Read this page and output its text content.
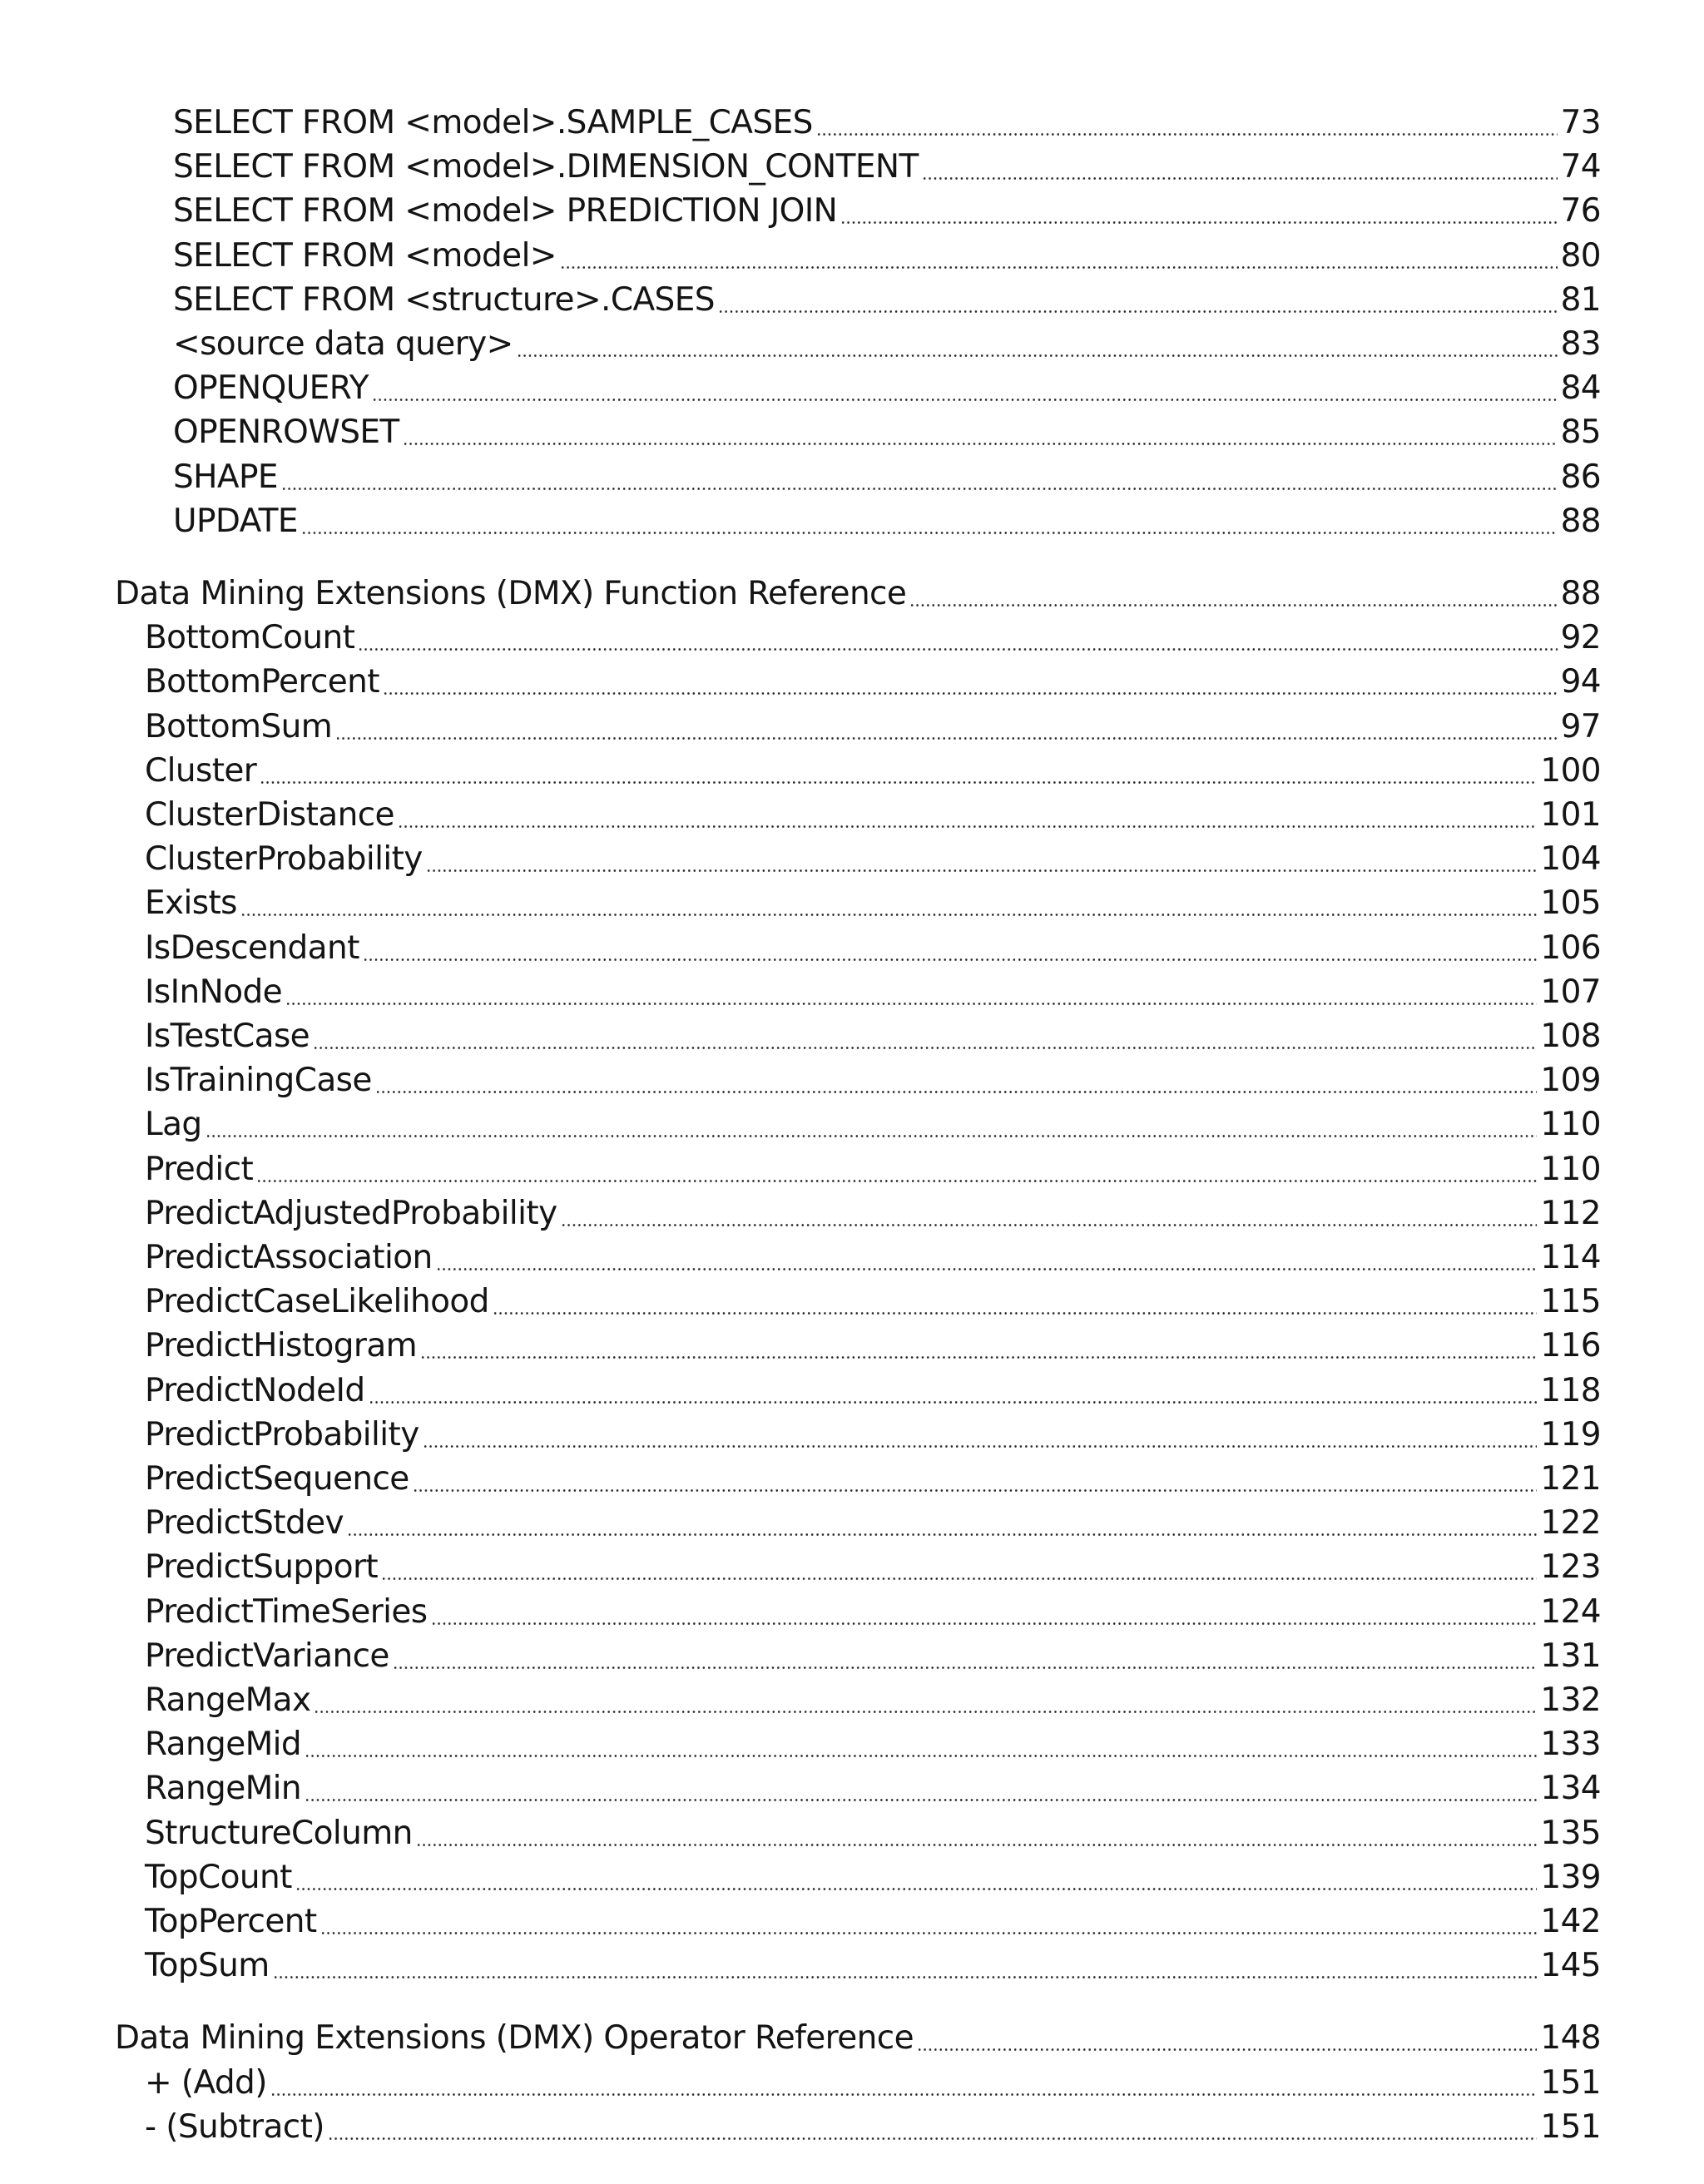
SELECT FROM <model>.SAMPLE_CASES	73
SELECT FROM <model>.DIMENSION_CONTENT	74
SELECT FROM <model> PREDICTION JOIN	76
SELECT FROM <model>	80
SELECT FROM <structure>.CASES	81
<source data query>	83
OPENQUERY	84
OPENROWSET	85
SHAPE	86
UPDATE	88
Data Mining Extensions (DMX) Function Reference	88
BottomCount	92
BottomPercent	94
BottomSum	97
Cluster	100
ClusterDistance	101
ClusterProbability	104
Exists	105
IsDescendant	106
IsInNode	107
IsTestCase	108
IsTrainingCase	109
Lag	110
Predict	110
PredictAdjustedProbability	112
PredictAssociation	114
PredictCaseLikelihood	115
PredictHistogram	116
PredictNodeId	118
PredictProbability	119
PredictSequence	121
PredictStdev	122
PredictSupport	123
PredictTimeSeries	124
PredictVariance	131
RangeMax	132
RangeMid	133
RangeMin	134
StructureColumn	135
TopCount	139
TopPercent	142
TopSum	145
Data Mining Extensions (DMX) Operator Reference	148
+ (Add)	151
- (Subtract)	151
